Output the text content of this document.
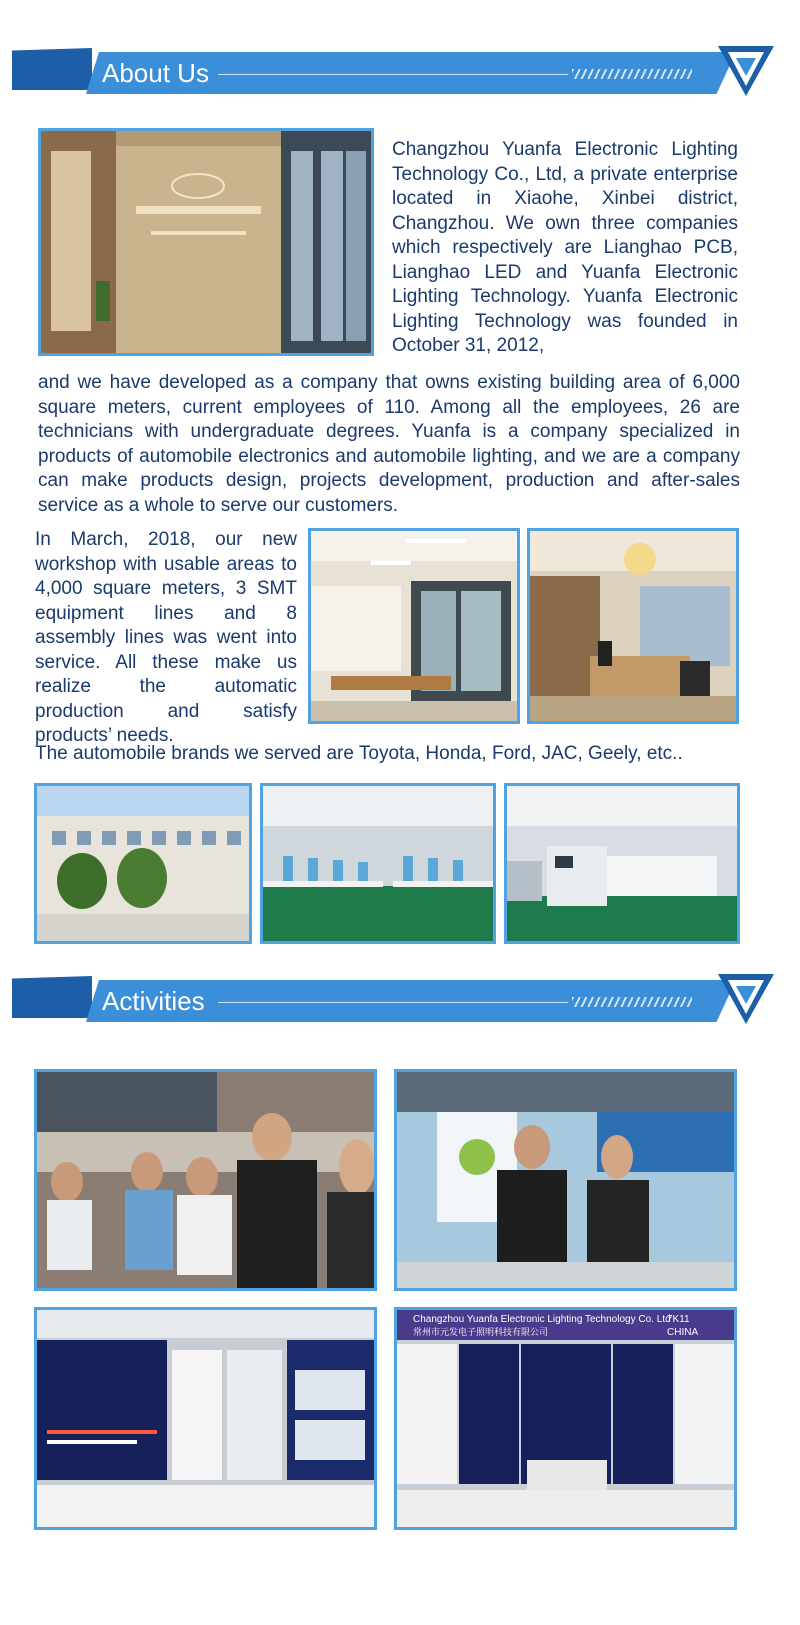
About Us
Changzhou Yuanfa Electronic Lighting Technology Co., Ltd, a private enterprise located in Xiaohe, Xinbei district, Changzhou. We own three companies which respectively are Lianghao PCB, Lianghao LED and Yuanfa Electronic Lighting Technology. Yuanfa Electronic Lighting Technology was founded in October 31, 2012,
and we have developed as a company that owns existing building area of 6,000 square meters, current employees of 110. Among all the employees, 26 are technicians with undergraduate degrees. Yuanfa is a company specialized in products of automobile electronics and automobile lighting, and we are a company can make products design, projects development, production and after-sales service as a whole to serve our customers.
In March, 2018, our new workshop with usable areas to 4,000 square meters, 3 SMT equipment lines and 8 assembly lines was went into service. All these make us realize the automatic production and satisfy products’ needs.
The automobile brands we served are Toyota, Honda, Ford, JAC, Geely, etc..
Activities
Changzhou Yuanfa Electronic Lighting Technology Co. Ltd
常州市元发电子照明科技有限公司
7K11
CHINA
